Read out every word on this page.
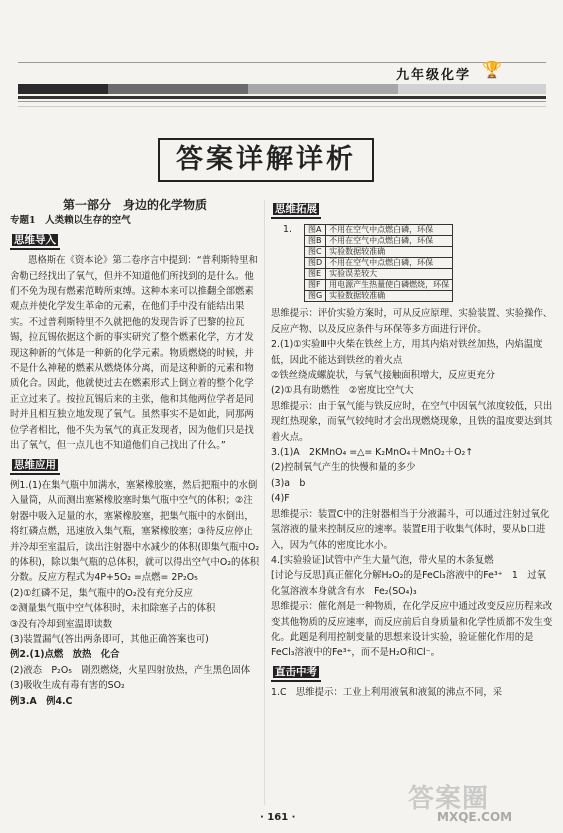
九年级化学 🏆
答案详解详析

第一部分　身边的化学物质

专题1　人类赖以生存的空气

思维导入

恩格斯在《资本论》第二卷序言中提到：“普利斯特里和舍勒已经找出了氧气，但并不知道他们所找到的是什么。他们不免为现有燃素范畴所束缚。这种本来可以推翻全部燃素观点并使化学发生革命的元素，在他们手中没有能结出果实。不过普利斯特里不久就把他的发现告诉了巴黎的拉瓦锡，拉瓦锡依据这个新的事实研究了整个燃素化学，方才发现这种新的气体是一种新的化学元素。物质燃烧的时候，并不是什么神秘的燃素从燃烧体分离，而是这种新的元素和物质化合。因此，他就使过去在燃素形式上倒立着的整个化学正立过来了。按拉瓦锡后来的主张，他和其他两位学者是同时并且相互独立地发现了氧气。虽然事实不是如此，同那两位学者相比，他不失为氧气的真正发现者，因为他们只是找出了氧气，但一点儿也不知道他们自己找出了什么。”

思维应用

例1.(1)在集气瓶中加满水，塞紧橡胶塞，然后把瓶中的水倒入量筒，从而测出塞紧橡胶塞时集气瓶中空气的体积；②注射器中吸入足量的水，塞紧橡胶塞，把集气瓶中的水倒出，将红磷点燃，迅速放入集气瓶，塞紧橡胶塞；③待反应停止并冷却至室温后，读出注射器中水减少的体积(即集气瓶中O₂的体积)，除以集气瓶的总体积，就可以得出空气中O₂的体积分数。反应方程式为4P+5O₂ =点燃= 2P₂O₅

(2)①红磷不足，集气瓶中的O₂没有充分反应

②测量集气瓶中空气体积时，未扣除塞子占的体积

③没有冷却到室温即读数

(3)装置漏气(答出两条即可，其他正确答案也可)

例2.(1)点燃　放热　化合

(2)液态　P₂O₅　剧烈燃烧，火星四射放热，产生黑色固体

(3)吸收生成有毒有害的SO₂

例3.A　例4.C

思维拓展
1. 图A	不用在空气中点燃白磷，环保
图B	不用在空气中点燃白磷，环保
图C	实验数据较准确
图D	不用在空气中点燃白磷，环保
图E	实验误差较大
图F	用电源产生热量使白磷燃烧，环保
图G	实验数据较准确

思维提示：评价实验方案时，可从反应原理、实验装置、实验操作、反应产物、以及反应条件与环保等多方面进行评价。

2.(1)①实验Ⅲ中火柴在铁丝上方，用其内焰对铁丝加热，内焰温度低，因此不能达到铁丝的着火点

②铁丝绕成螺旋状，与氧气接触面积增大，反应更充分

(2)①具有助燃性　②密度比空气大

思维提示：由于氧气能与铁反应时，在空气中因氧气浓度较低，只出现红热现象，而氧气较纯时才会出现燃烧现象，且铁的温度要达到其着火点。

3.(1)A　2KMnO₄ =△= K₂MnO₄＋MnO₂＋O₂↑

(2)控制氧气产生的快慢和量的多少

(3)a　b

(4)F

思维提示：装置C中的注射器相当于分液漏斗，可以通过注射过氧化氢溶液的量来控制反应的速率。装置E用于收集气体时，要从b口进入，因为气体的密度比水小。

4.[实验验证]试管中产生大量气泡，带火星的木条复燃

[讨论与反思]真正催化分解H₂O₂的是FeCl₃溶液中的Fe³⁺　1　过氧化氢溶液本身就含有水　Fe₂(SO₄)₃

思维提示：催化剂是一种物质，在化学反应中通过改变反应历程来改变其他物质的反应速率，而反应前后自身质量和化学性质都不发生变化。此题是利用控制变量的思想来设计实验，验证催化作用的是FeCl₃溶液中的Fe³⁺，而不是H₂O和Cl⁻。

直击中考

1.C　思维提示：工业上利用液氧和液氮的沸点不同，采

· 161 ·
答案圈
MXQE.COM
